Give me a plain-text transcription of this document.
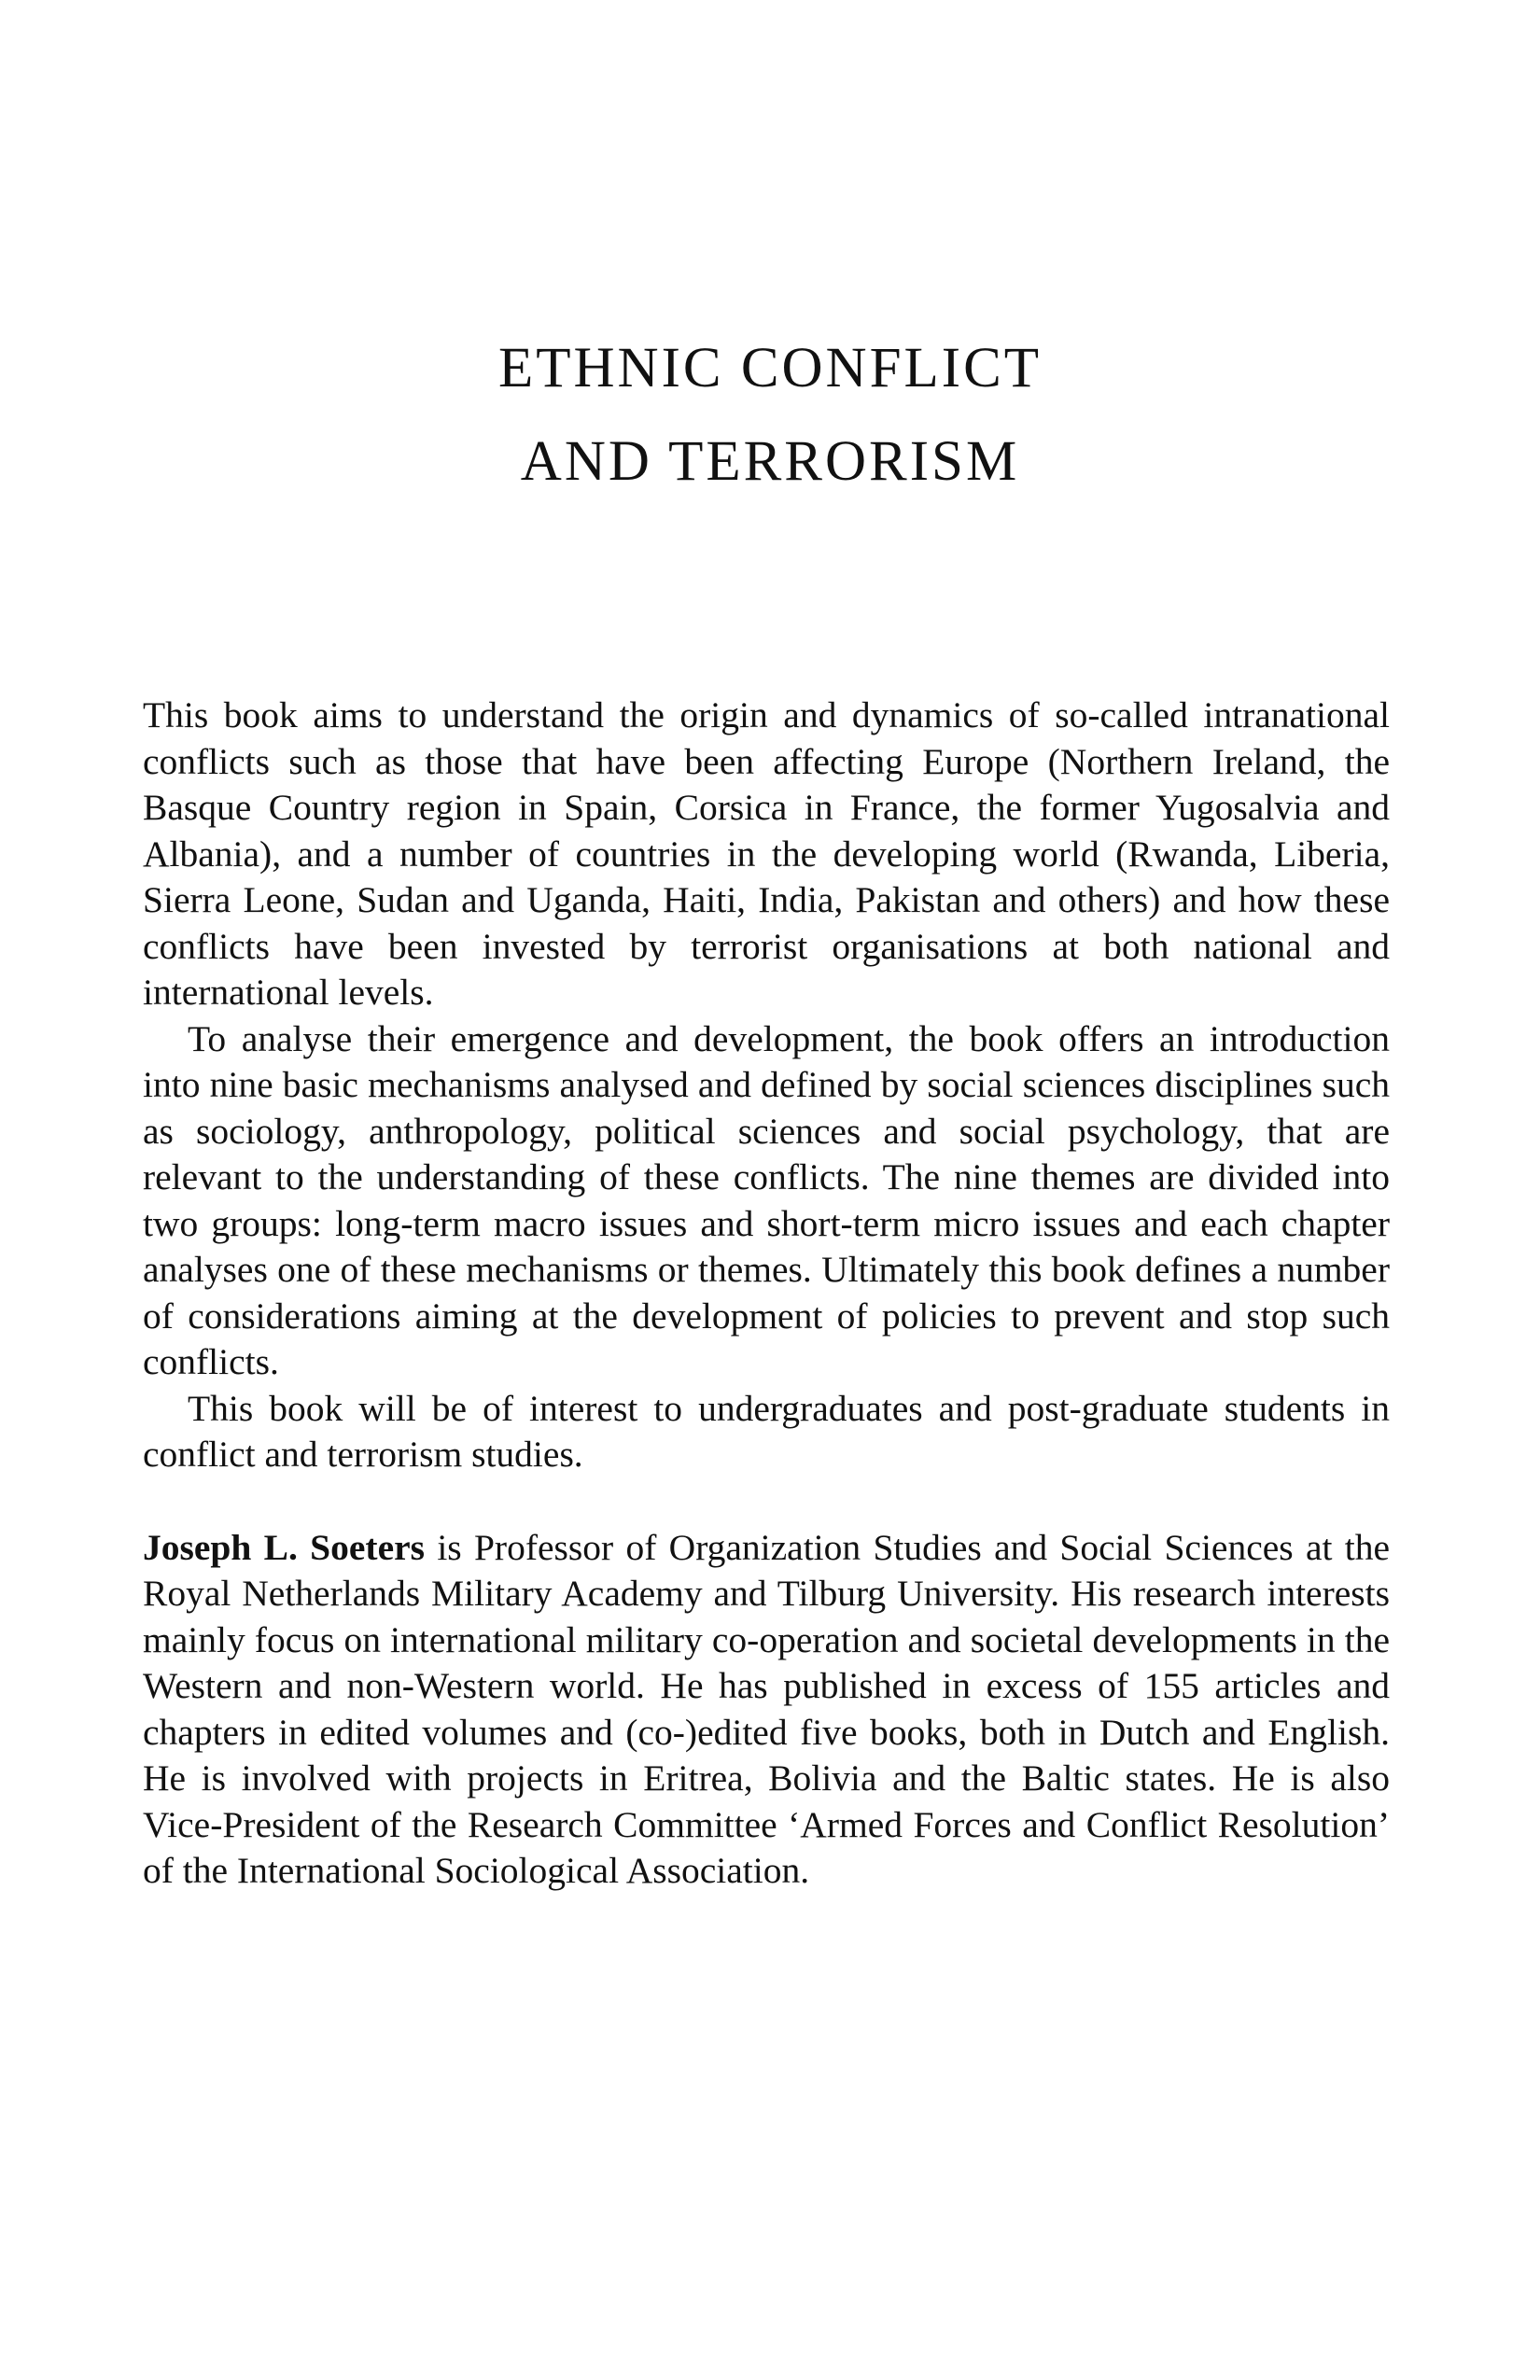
ETHNIC CONFLICT
AND TERRORISM

This book aims to understand the origin and dynamics of so-called intranational conflicts such as those that have been affecting Europe (Northern Ireland, the Basque Country region in Spain, Corsica in France, the former Yugosalvia and Albania), and a number of countries in the developing world (Rwanda, Liberia, Sierra Leone, Sudan and Uganda, Haiti, India, Pakistan and others) and how these conflicts have been invested by terrorist organisations at both national and international levels.

To analyse their emergence and development, the book offers an introduction into nine basic mechanisms analysed and defined by social sciences disciplines such as sociology, anthropology, political sciences and social psychology, that are relevant to the understanding of these conflicts. The nine themes are divided into two groups: long-term macro issues and short-term micro issues and each chapter analyses one of these mechanisms or themes. Ultimately this book defines a number of considerations aiming at the development of policies to prevent and stop such conflicts.

This book will be of interest to undergraduates and post-graduate students in conflict and terrorism studies.

Joseph L. Soeters is Professor of Organization Studies and Social Sciences at the Royal Netherlands Military Academy and Tilburg University. His research interests mainly focus on international military co-operation and societal developments in the Western and non-Western world. He has published in excess of 155 articles and chapters in edited volumes and (co-)edited five books, both in Dutch and English. He is involved with projects in Eritrea, Bolivia and the Baltic states. He is also Vice-President of the Research Committee ‘Armed Forces and Conflict Resolution’ of the International Sociological Association.
